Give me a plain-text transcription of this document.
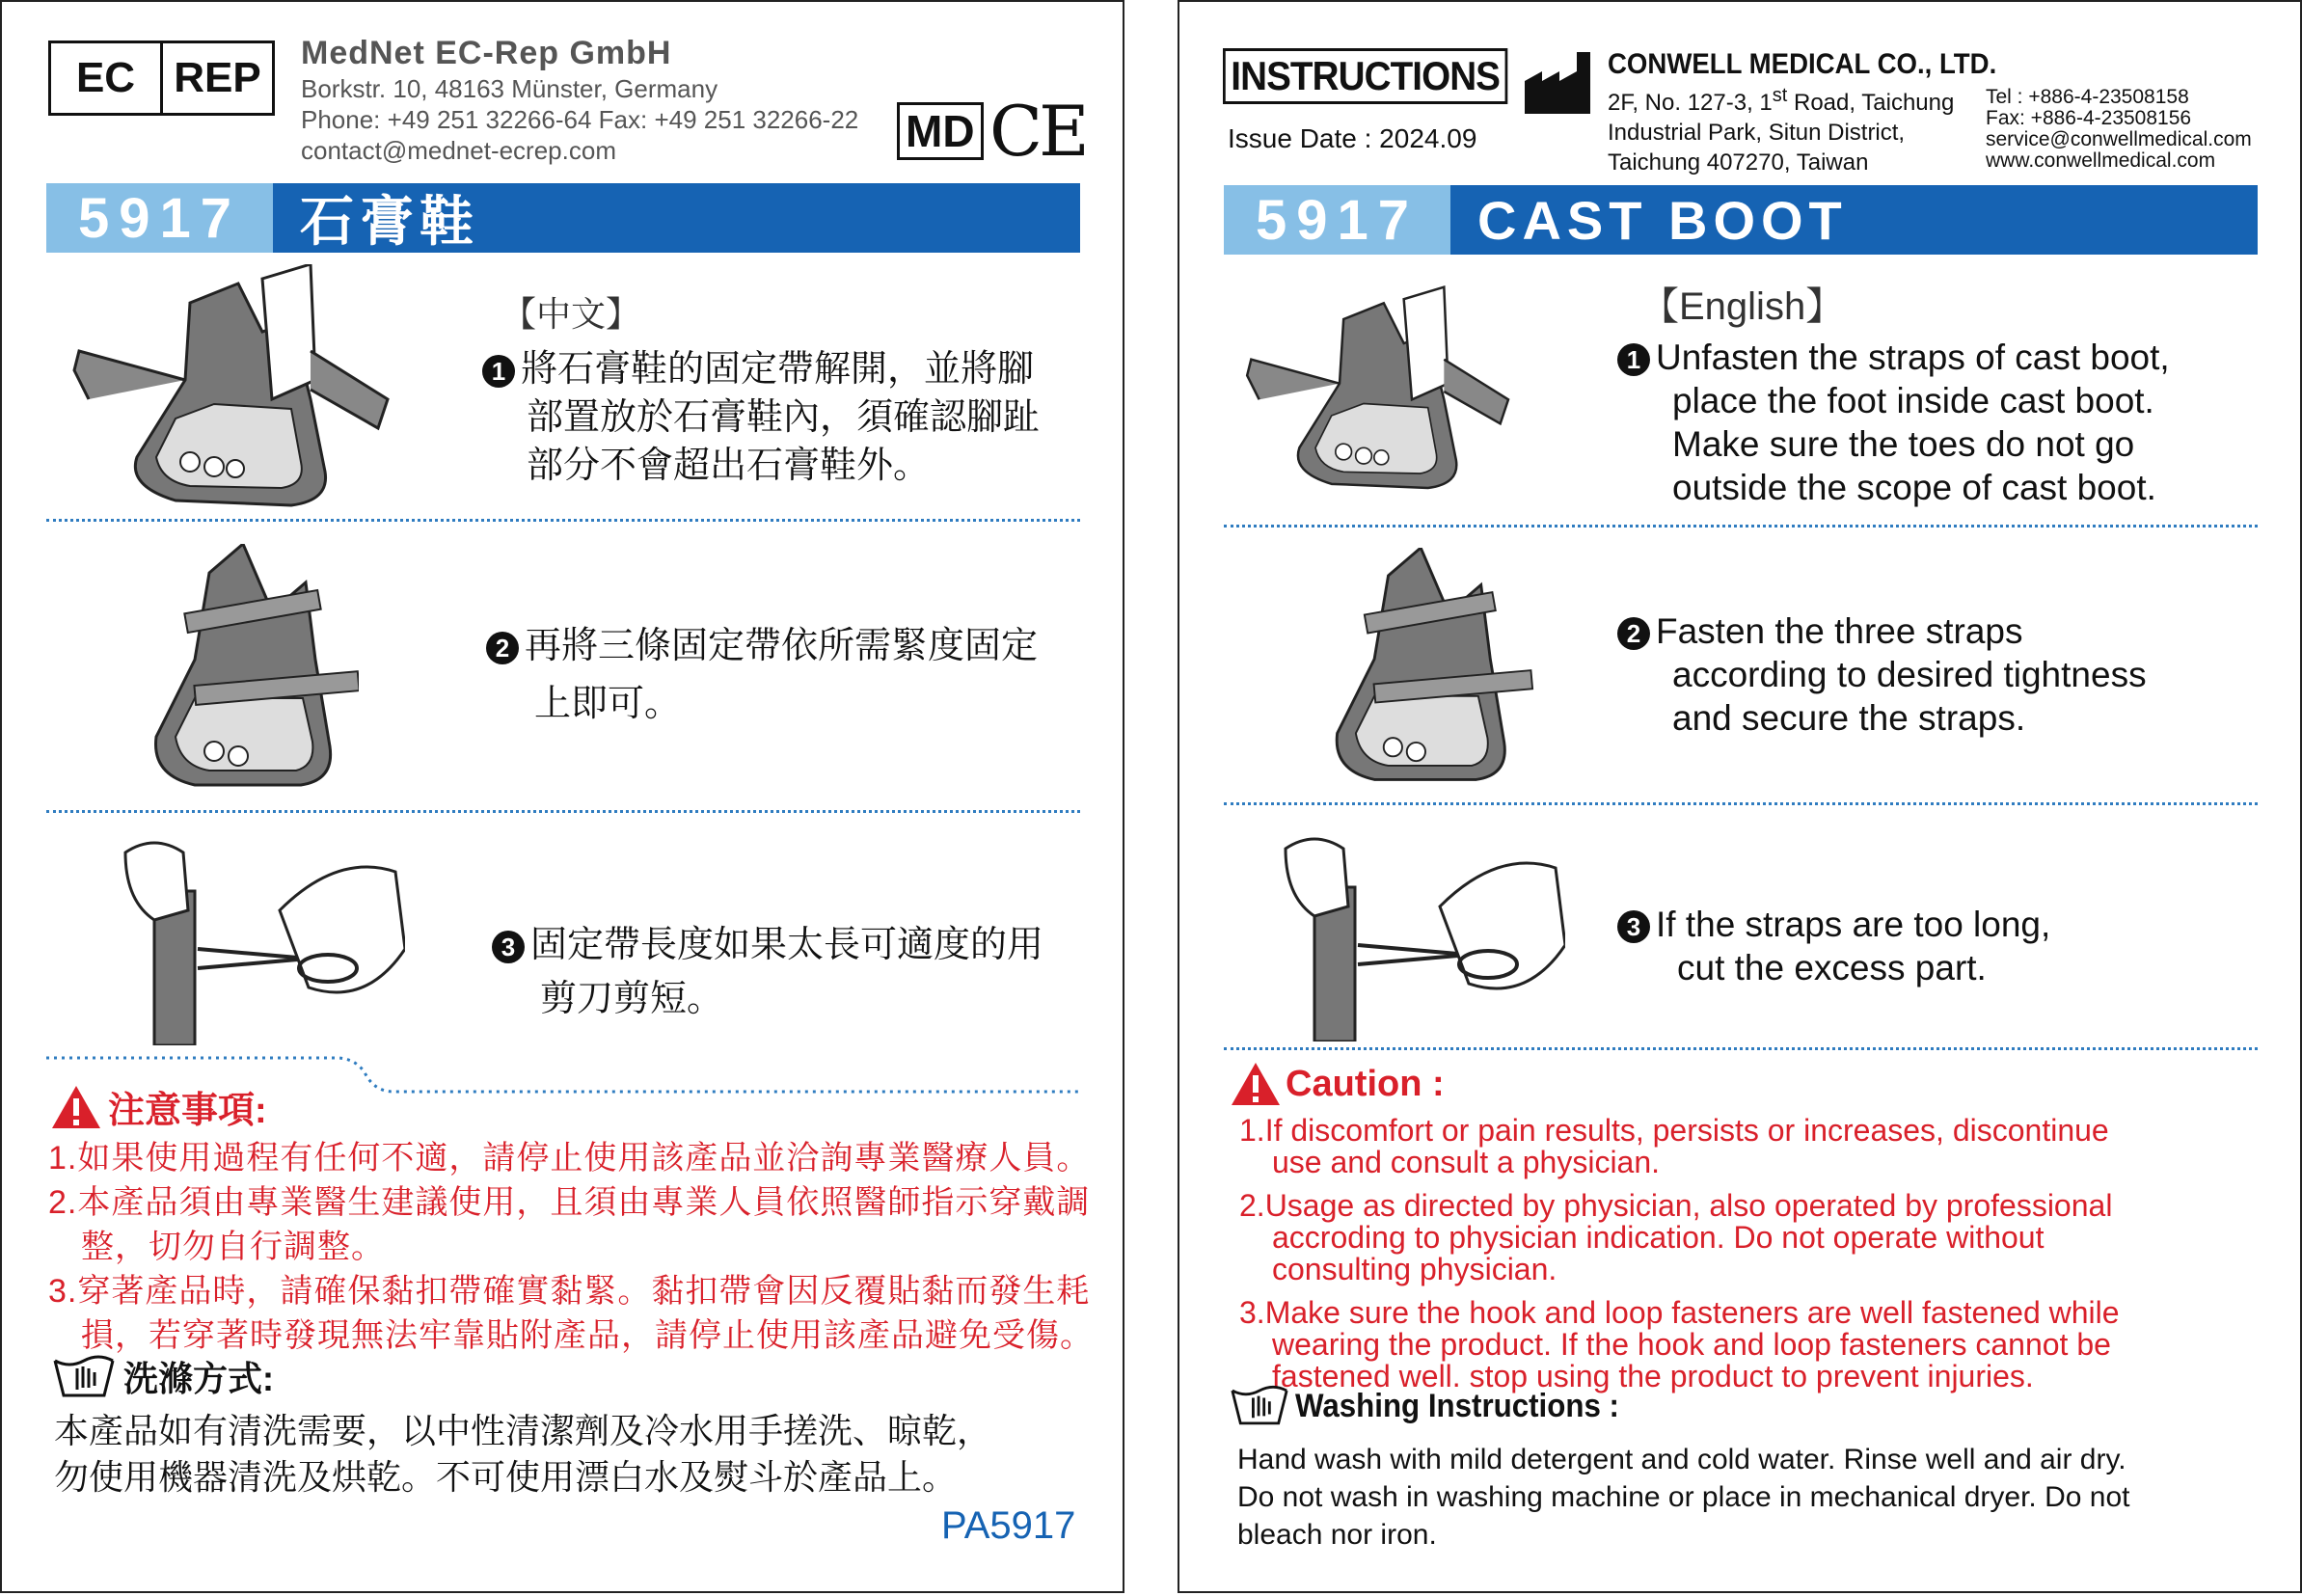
EC REP
MedNet EC-Rep GmbH
Borkstr. 10, 48163 Münster, Germany
Phone: +49 251 32266-64 Fax: +49 251 32266-22
contact@mednet-ecrep.com	MD CE
5917	石膏鞋
【中文】
1 將石膏鞋的固定帶解開，並將腳
部置放於石膏鞋內，須確認腳趾
部分不會超出石膏鞋外。
2 再將三條固定帶依所需緊度固定
上即可。
3 固定帶長度如果太長可適度的用
剪刀剪短。
注意事項:
1.如果使用過程有任何不適，請停止使用該產品並洽詢專業醫療人員。
2.本產品須由專業醫生建議使用，且須由專業人員依照醫師指示穿戴調
整，切勿自行調整。
3.穿著產品時，請確保黏扣帶確實黏緊。黏扣帶會因反覆貼黏而發生耗
損，若穿著時發現無法牢靠貼附產品，請停止使用該產品避免受傷。
洗滌方式:
本產品如有清洗需要，以中性清潔劑及冷水用手搓洗、晾乾，
勿使用機器清洗及烘乾。不可使用漂白水及熨斗於產品上。
PA5917
INSTRUCTIONS
Issue Date : 2024.09
CONWELL MEDICAL CO., LTD.
2F, No. 127-3, 1st Road, Taichung
Industrial Park, Situn District,
Taichung 407270, Taiwan
Tel : +886-4-23508158
Fax: +886-4-23508156
service@conwellmedical.com
www.conwellmedical.com
5917	CAST BOOT
【English】
1 Unfasten the straps of cast boot,
place the foot inside cast boot.
Make sure the toes do not go
outside the scope of cast boot.
2 Fasten the three straps
according to desired tightness
and secure the straps.
3 If the straps are too long,
cut the excess part.
Caution :
1.If discomfort or pain results, persists or increases, discontinue
use and consult a physician.
2.Usage as directed by physician, also operated by professional
accroding to physician indication. Do not operate without
consulting physician.
3.Make sure the hook and loop fasteners are well fastened while
wearing the product. If the hook and loop fasteners cannot be
fastened well. stop using the product to prevent injuries.
Washing Instructions :
Hand wash with mild detergent and cold water. Rinse well and air dry.
Do not wash in washing machine or place in mechanical dryer. Do not
bleach nor iron.
